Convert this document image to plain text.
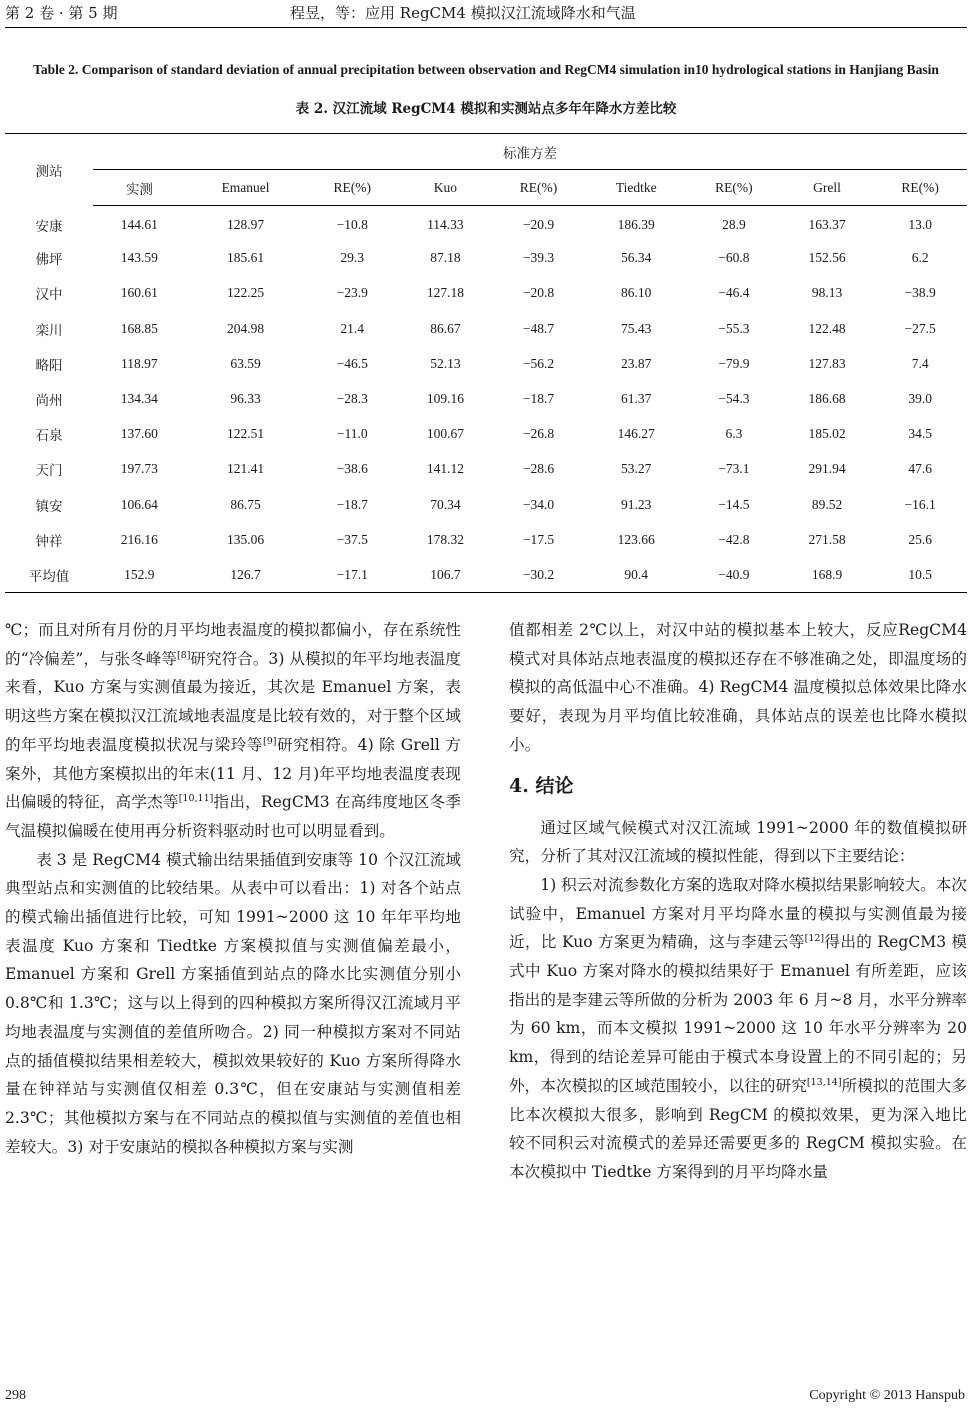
第 2 卷 · 第 5 期	程昱，等：应用 RegCM4 模拟汉江流域降水和气温
Table 2. Comparison of standard deviation of annual precipitation between observation and RegCM4 simulation in10 hydrological stations in Hanjiang Basin
表 2. 汉江流域 RegCM4 模拟和实测站点多年年降水方差比较
测站	标准方差								
	实测	Emanuel	RE(%)	Kuo	RE(%)	Tiedtke	RE(%)	Grell	RE(%)
安康	144.61	128.97	−10.8	114.33	−20.9	186.39	28.9	163.37	13.0
佛坪	143.59	185.61	29.3	87.18	−39.3	56.34	−60.8	152.56	6.2
汉中	160.61	122.25	−23.9	127.18	−20.8	86.10	−46.4	98.13	−38.9
栾川	168.85	204.98	21.4	86.67	−48.7	75.43	−55.3	122.48	−27.5
略阳	118.97	63.59	−46.5	52.13	−56.2	23.87	−79.9	127.83	7.4
尚州	134.34	96.33	−28.3	109.16	−18.7	61.37	−54.3	186.68	39.0
石泉	137.60	122.51	−11.0	100.67	−26.8	146.27	6.3	185.02	34.5
天门	197.73	121.41	−38.6	141.12	−28.6	53.27	−73.1	291.94	47.6
镇安	106.64	86.75	−18.7	70.34	−34.0	91.23	−14.5	89.52	−16.1
钟祥	216.16	135.06	−37.5	178.32	−17.5	123.66	−42.8	271.58	25.6
平均值	152.9	126.7	−17.1	106.7	−30.2	90.4	−40.9	168.9	10.5

℃；而且对所有月份的月平均地表温度的模拟都偏小，存在系统性的“冷偏差”，与张冬峰等[8]研究符合。3) 从模拟的年平均地表温度来看，Kuo 方案与实测值最为接近，其次是 Emanuel 方案，表明这些方案在模拟汉江流域地表温度是比较有效的，对于整个区域的年平均地表温度模拟状况与梁玲等[9]研究相符。4) 除 Grell 方案外，其他方案模拟出的年末(11 月、12 月)年平均地表温度表现出偏暖的特征，高学杰等[10,11]指出，RegCM3 在高纬度地区冬季气温模拟偏暖在使用再分析资料驱动时也可以明显看到。

表 3 是 RegCM4 模式输出结果插值到安康等 10 个汉江流域典型站点和实测值的比较结果。从表中可以看出：1) 对各个站点的模式输出插值进行比较，可知 1991~2000 这 10 年年平均地表温度 Kuo 方案和 Tiedtke 方案模拟值与实测值偏差最小，Emanuel 方案和 Grell 方案插值到站点的降水比实测值分别小 0.8℃和 1.3℃；这与以上得到的四种模拟方案所得汉江流域月平均地表温度与实测值的差值所吻合。2) 同一种模拟方案对不同站点的插值模拟结果相差较大，模拟效果较好的 Kuo 方案所得降水量在钟祥站与实测值仅相差 0.3℃，但在安康站与实测值相差 2.3℃；其他模拟方案与在不同站点的模拟值与实测值的差值也相差较大。3) 对于安康站的模拟各种模拟方案与实测

值都相差 2℃以上，对汉中站的模拟基本上较大，反应RegCM4模式对具体站点地表温度的模拟还存在不够准确之处，即温度场的模拟的高低温中心不准确。4) RegCM4 温度模拟总体效果比降水要好，表现为月平均值比较准确，具体站点的误差也比降水模拟小。

4. 结论

通过区域气候模式对汉江流域 1991~2000 年的数值模拟研究，分析了其对汉江流域的模拟性能，得到以下主要结论：

1) 积云对流参数化方案的选取对降水模拟结果影响较大。本次试验中，Emanuel 方案对月平均降水量的模拟与实测值最为接近，比 Kuo 方案更为精确，这与李建云等[12]得出的 RegCM3 模式中 Kuo 方案对降水的模拟结果好于 Emanuel 有所差距，应该指出的是李建云等所做的分析为 2003 年 6 月~8 月，水平分辨率为 60 km，而本文模拟 1991~2000 这 10 年水平分辨率为 20 km，得到的结论差异可能由于模式本身设置上的不同引起的；另外，本次模拟的区域范围较小，以往的研究[13,14]所模拟的范围大多比本次模拟大很多，影响到 RegCM 的模拟效果，更为深入地比较不同积云对流模式的差异还需要更多的 RegCM 模拟实验。在本次模拟中 Tiedtke 方案得到的月平均降水量

298	Copyright © 2013 Hanspub
